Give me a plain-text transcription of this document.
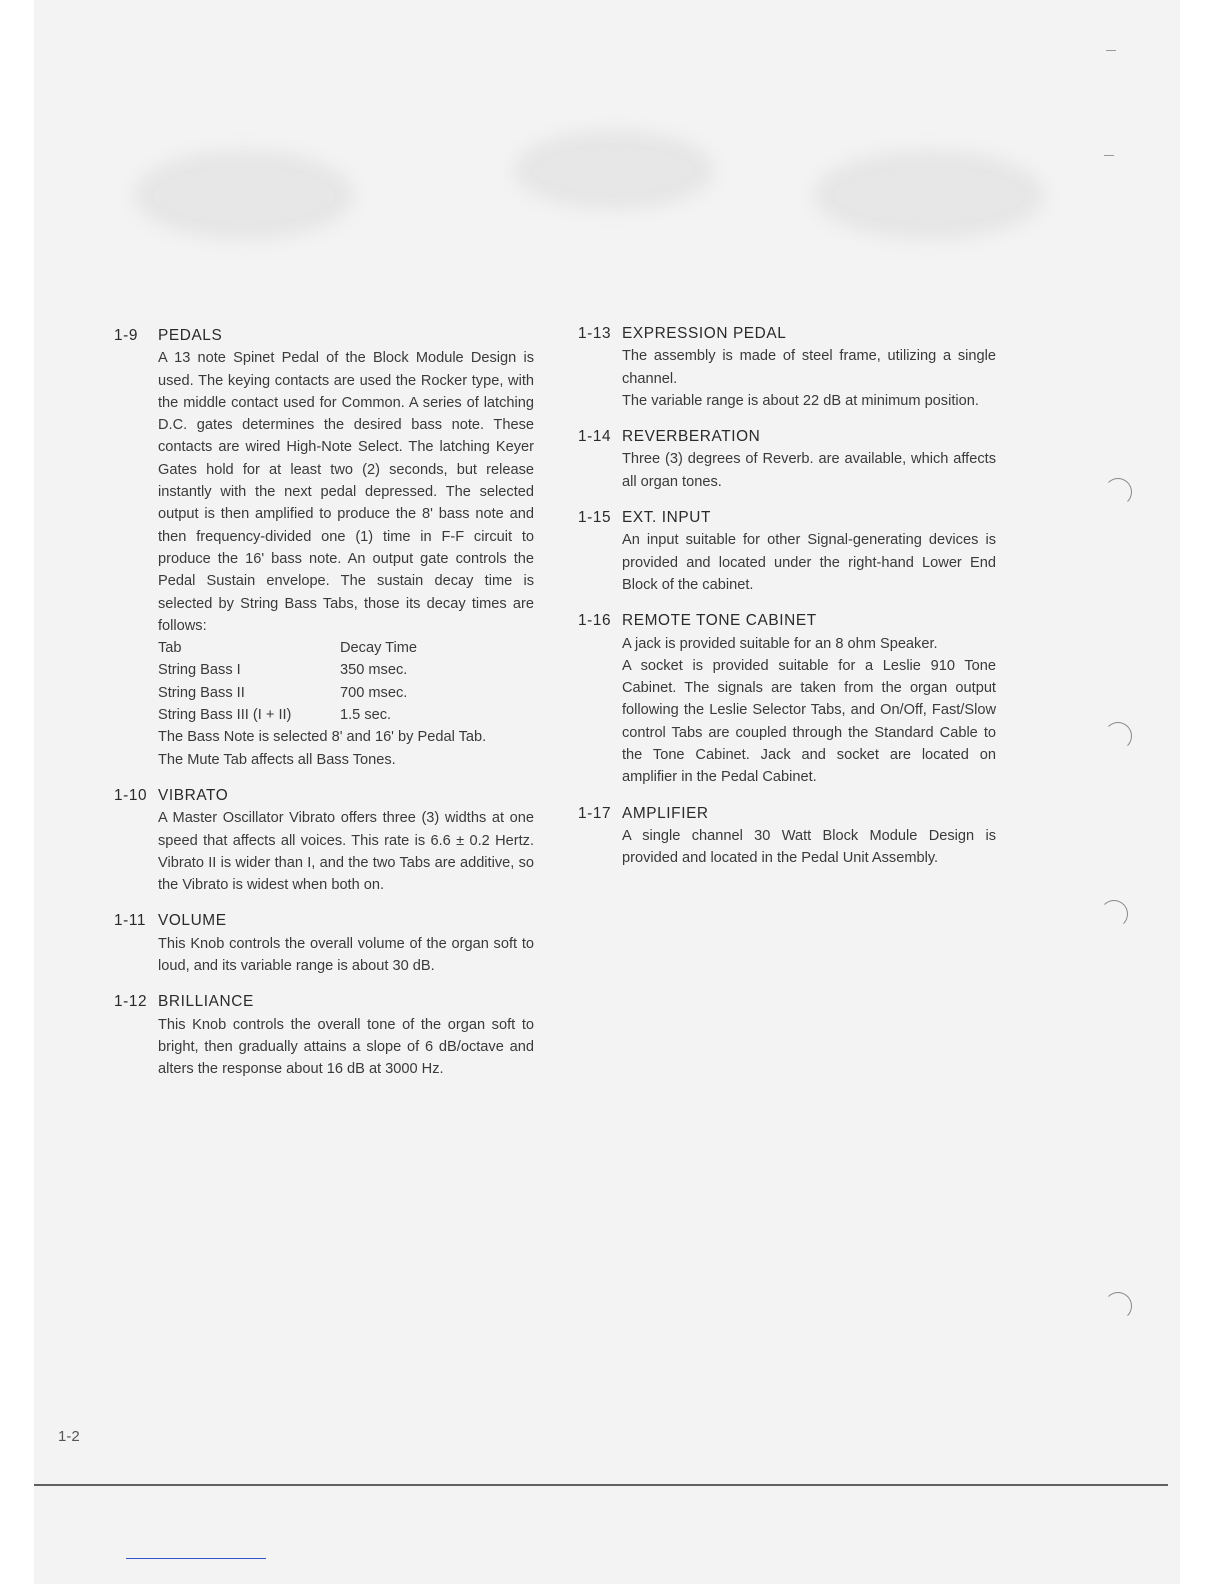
1-9	PEDALS
A 13 note Spinet Pedal of the Block Module Design is used. The keying contacts are used the Rocker type, with the middle contact used for Common. A series of latching D.C. gates determines the desired bass note. These contacts are wired High-Note Select. The latching Keyer Gates hold for at least two (2) seconds, but release instantly with the next pedal depressed. The selected output is then amplified to produce the 8' bass note and then frequency-divided one (1) time in F-F circuit to produce the 16' bass note. An output gate controls the Pedal Sustain envelope. The sustain decay time is selected by String Bass Tabs, those its decay times are follows:
Tab	Decay Time
String Bass I	350 msec.
String Bass II	700 msec.
String Bass III (I + II)	1.5 sec.
The Bass Note is selected 8' and 16' by Pedal Tab.
The Mute Tab affects all Bass Tones.
1-10 VIBRATO
A Master Oscillator Vibrato offers three (3) widths at one speed that affects all voices. This rate is 6.6 ± 0.2 Hertz. Vibrato II is wider than I, and the two Tabs are additive, so the Vibrato is widest when both on.
1-11 VOLUME
This Knob controls the overall volume of the organ soft to loud, and its variable range is about 30 dB.
1-12 BRILLIANCE
This Knob controls the overall tone of the organ soft to bright, then gradually attains a slope of 6 dB/octave and alters the response about 16 dB at 3000 Hz.
1-13 EXPRESSION PEDAL
The assembly is made of steel frame, utilizing a single channel.
The variable range is about 22 dB at minimum position.
1-14 REVERBERATION
Three (3) degrees of Reverb. are available, which affects all organ tones.
1-15 EXT. INPUT
An input suitable for other Signal-generating devices is provided and located under the right-hand Lower End Block of the cabinet.
1-16 REMOTE TONE CABINET
A jack is provided suitable for an 8 ohm Speaker.
A socket is provided suitable for a Leslie 910 Tone Cabinet. The signals are taken from the organ output following the Leslie Selector Tabs, and On/Off, Fast/Slow control Tabs are coupled through the Standard Cable to the Tone Cabinet. Jack and socket are located on amplifier in the Pedal Cabinet.
1-17 AMPLIFIER
A single channel 30 Watt Block Module Design is provided and located in the Pedal Unit Assembly.
1-2
